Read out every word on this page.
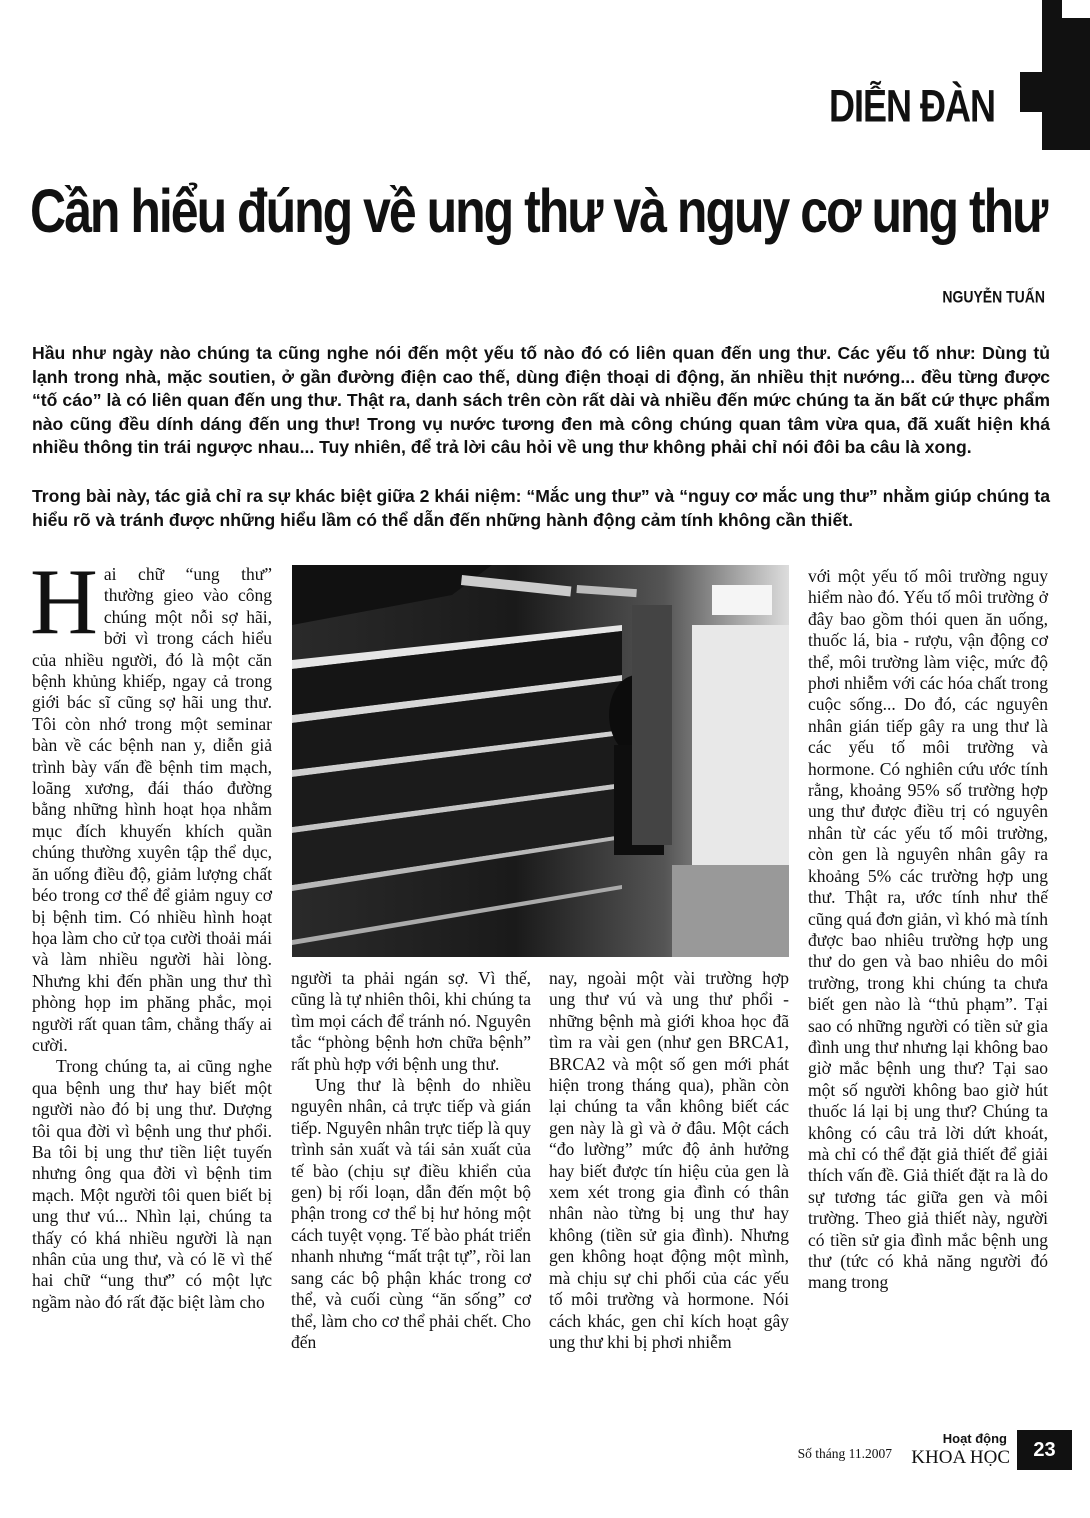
DIỄN ĐÀN
Cần hiểu đúng về ung thư và nguy cơ ung thư
NGUYỄN TUẤN
Hầu như ngày nào chúng ta cũng nghe nói đến một yếu tố nào đó có liên quan đến ung thư. Các yếu tố như: Dùng tủ lạnh trong nhà, mặc soutien, ở gần đường điện cao thế, dùng điện thoại di động, ăn nhiều thịt nướng... đều từng được “tố cáo” là có liên quan đến ung thư. Thật ra, danh sách trên còn rất dài và nhiều đến mức chúng ta ăn bất cứ thực phẩm nào cũng đều dính dáng đến ung thư! Trong vụ nước tương đen mà công chúng quan tâm vừa qua, đã xuất hiện khá nhiều thông tin trái ngược nhau... Tuy nhiên, để trả lời câu hỏi về ung thư không phải chỉ nói đôi ba câu là xong.
Trong bài này, tác giả chỉ ra sự khác biệt giữa 2 khái niệm: “Mắc ung thư” và “nguy cơ mắc ung thư” nhằm giúp chúng ta hiểu rõ và tránh được những hiểu lầm có thể dẫn đến những hành động cảm tính không cần thiết.

Hai chữ “ung thư” thường gieo vào công chúng một nỗi sợ hãi, bởi vì trong cách hiểu của nhiều người, đó là một căn bệnh khủng khiếp, ngay cả trong giới bác sĩ cũng sợ hãi ung thư. Tôi còn nhớ trong một seminar bàn về các bệnh nan y, diễn giả trình bày vấn đề bệnh tim mạch, loãng xương, đái tháo đường bằng những hình hoạt họa nhằm mục đích khuyến khích quần chúng thường xuyên tập thể dục, ăn uống điều độ, giảm lượng chất béo trong cơ thể để giảm nguy cơ bị bệnh tim. Có nhiều hình hoạt họa làm cho cử tọa cười thoải mái và làm nhiều người hài lòng. Nhưng khi đến phần ung thư thì phòng họp im phăng phắc, mọi người rất quan tâm, chẳng thấy ai cười.

Trong chúng ta, ai cũng nghe qua bệnh ung thư hay biết một người nào đó bị ung thư. Dượng tôi qua đời vì bệnh ung thư phổi. Ba tôi bị ung thư tiền liệt tuyến nhưng ông qua đời vì bệnh tim mạch. Một người tôi quen biết bị ung thư vú... Nhìn lại, chúng ta thấy có khá nhiều người là nạn nhân của ung thư, và có lẽ vì thế hai chữ “ung thư” có một lực ngầm nào đó rất đặc biệt làm cho

người ta phải ngán sợ. Vì thế, cũng là tự nhiên thôi, khi chúng ta tìm mọi cách để tránh nó. Nguyên tắc “phòng bệnh hơn chữa bệnh” rất phù hợp với bệnh ung thư.

Ung thư là bệnh do nhiều nguyên nhân, cả trực tiếp và gián tiếp. Nguyên nhân trực tiếp là quy trình sản xuất và tái sản xuất của tế bào (chịu sự điều khiển của gen) bị rối loạn, dẫn đến một bộ phận trong cơ thể bị hư hỏng một cách tuyệt vọng. Tế bào phát triển nhanh nhưng “mất trật tự”, rồi lan sang các bộ phận khác trong cơ thể, và cuối cùng “ăn sống” cơ thể, làm cho cơ thể phải chết. Cho đến

nay, ngoài một vài trường hợp ung thư vú và ung thư phổi - những bệnh mà giới khoa học đã tìm ra vài gen (như gen BRCA1, BRCA2 và một số gen mới phát hiện trong tháng qua), phần còn lại chúng ta vẫn không biết các gen này là gì và ở đâu. Một cách “đo lường” mức độ ảnh hưởng hay biết được tín hiệu của gen là xem xét trong gia đình có thân nhân nào từng bị ung thư hay không (tiền sử gia đình). Nhưng gen không hoạt động một mình, mà chịu sự chi phối của các yếu tố môi trường và hormone. Nói cách khác, gen chỉ kích hoạt gây ung thư khi bị phơi nhiễm

với một yếu tố môi trường nguy hiểm nào đó. Yếu tố môi trường ở đây bao gồm thói quen ăn uống, thuốc lá, bia - rượu, vận động cơ thể, môi trường làm việc, mức độ phơi nhiễm với các hóa chất trong cuộc sống... Do đó, các nguyên nhân gián tiếp gây ra ung thư là các yếu tố môi trường và hormone. Có nghiên cứu ước tính rằng, khoảng 95% số trường hợp ung thư được điều trị có nguyên nhân từ các yếu tố môi trường, còn gen là nguyên nhân gây ra khoảng 5% các trường hợp ung thư. Thật ra, ước tính như thế cũng quá đơn giản, vì khó mà tính được bao nhiêu trường hợp ung thư do gen và bao nhiêu do môi trường, trong khi chúng ta chưa biết gen nào là “thủ phạm”. Tại sao có những người có tiền sử gia đình ung thư nhưng lại không bao giờ mắc bệnh ung thư? Tại sao một số người không bao giờ hút thuốc lá lại bị ung thư? Chúng ta không có câu trả lời dứt khoát, mà chỉ có thể đặt giả thiết để giải thích vấn đề. Giả thiết đặt ra là do sự tương tác giữa gen và môi trường. Theo giả thiết này, người có tiền sử gia đình mắc bệnh ung thư (tức có khả năng người đó mang trong

Số tháng 11.2007
Hoạt động
KHOA HỌC	23
